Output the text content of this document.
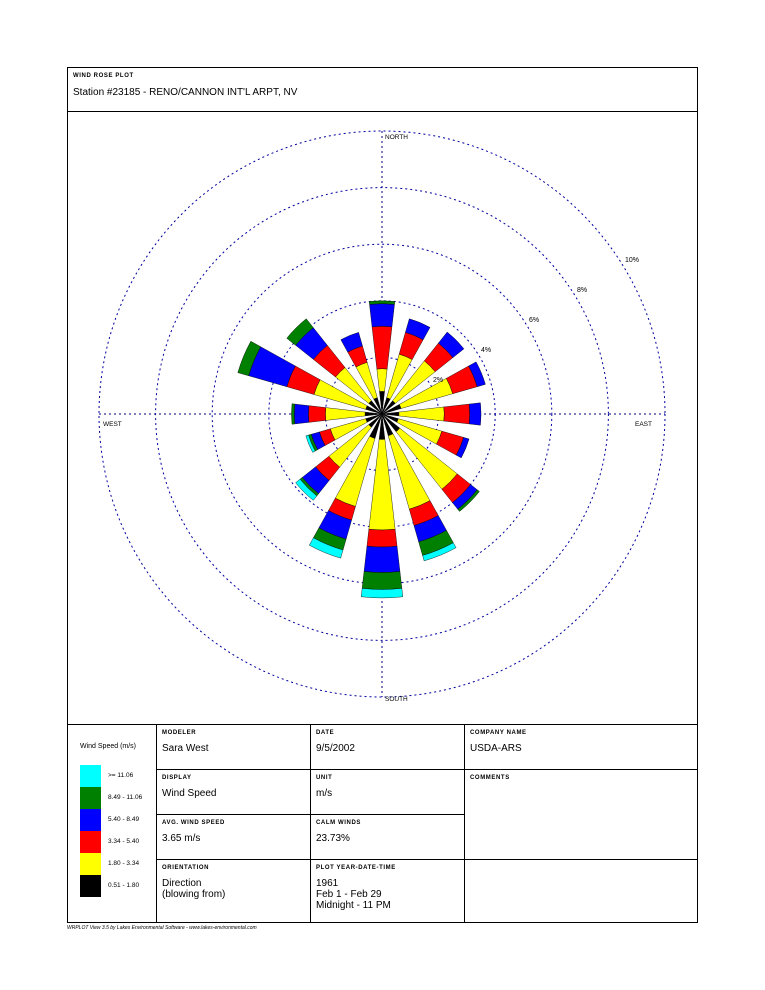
WIND ROSE PLOT
Station #23185 - RENO/CANNON INT'L ARPT, NV
2%
4%
6%
8%
10%
NORTH
SOUTH
WEST	EAST
Wind Speed (m/s)
>= 11.06
8.49 - 11.06
5.40 - 8.49
3.34 - 5.40
1.80 - 3.34
0.51 - 1.80
MODELER
Sara West
DATE
9/5/2002
COMPANY NAME
USDA-ARS
DISPLAY
Wind Speed
UNIT
m/s
COMMENTS
AVG. WIND SPEED
3.65 m/s
CALM WINDS
23.73%
ORIENTATION
Direction
(blowing from)
PLOT YEAR-DATE-TIME
1961
Feb 1 - Feb 29
Midnight - 11 PM
WRPLOT View 3.5 by Lakes Environmental Software - www.lakes-environmental.com
